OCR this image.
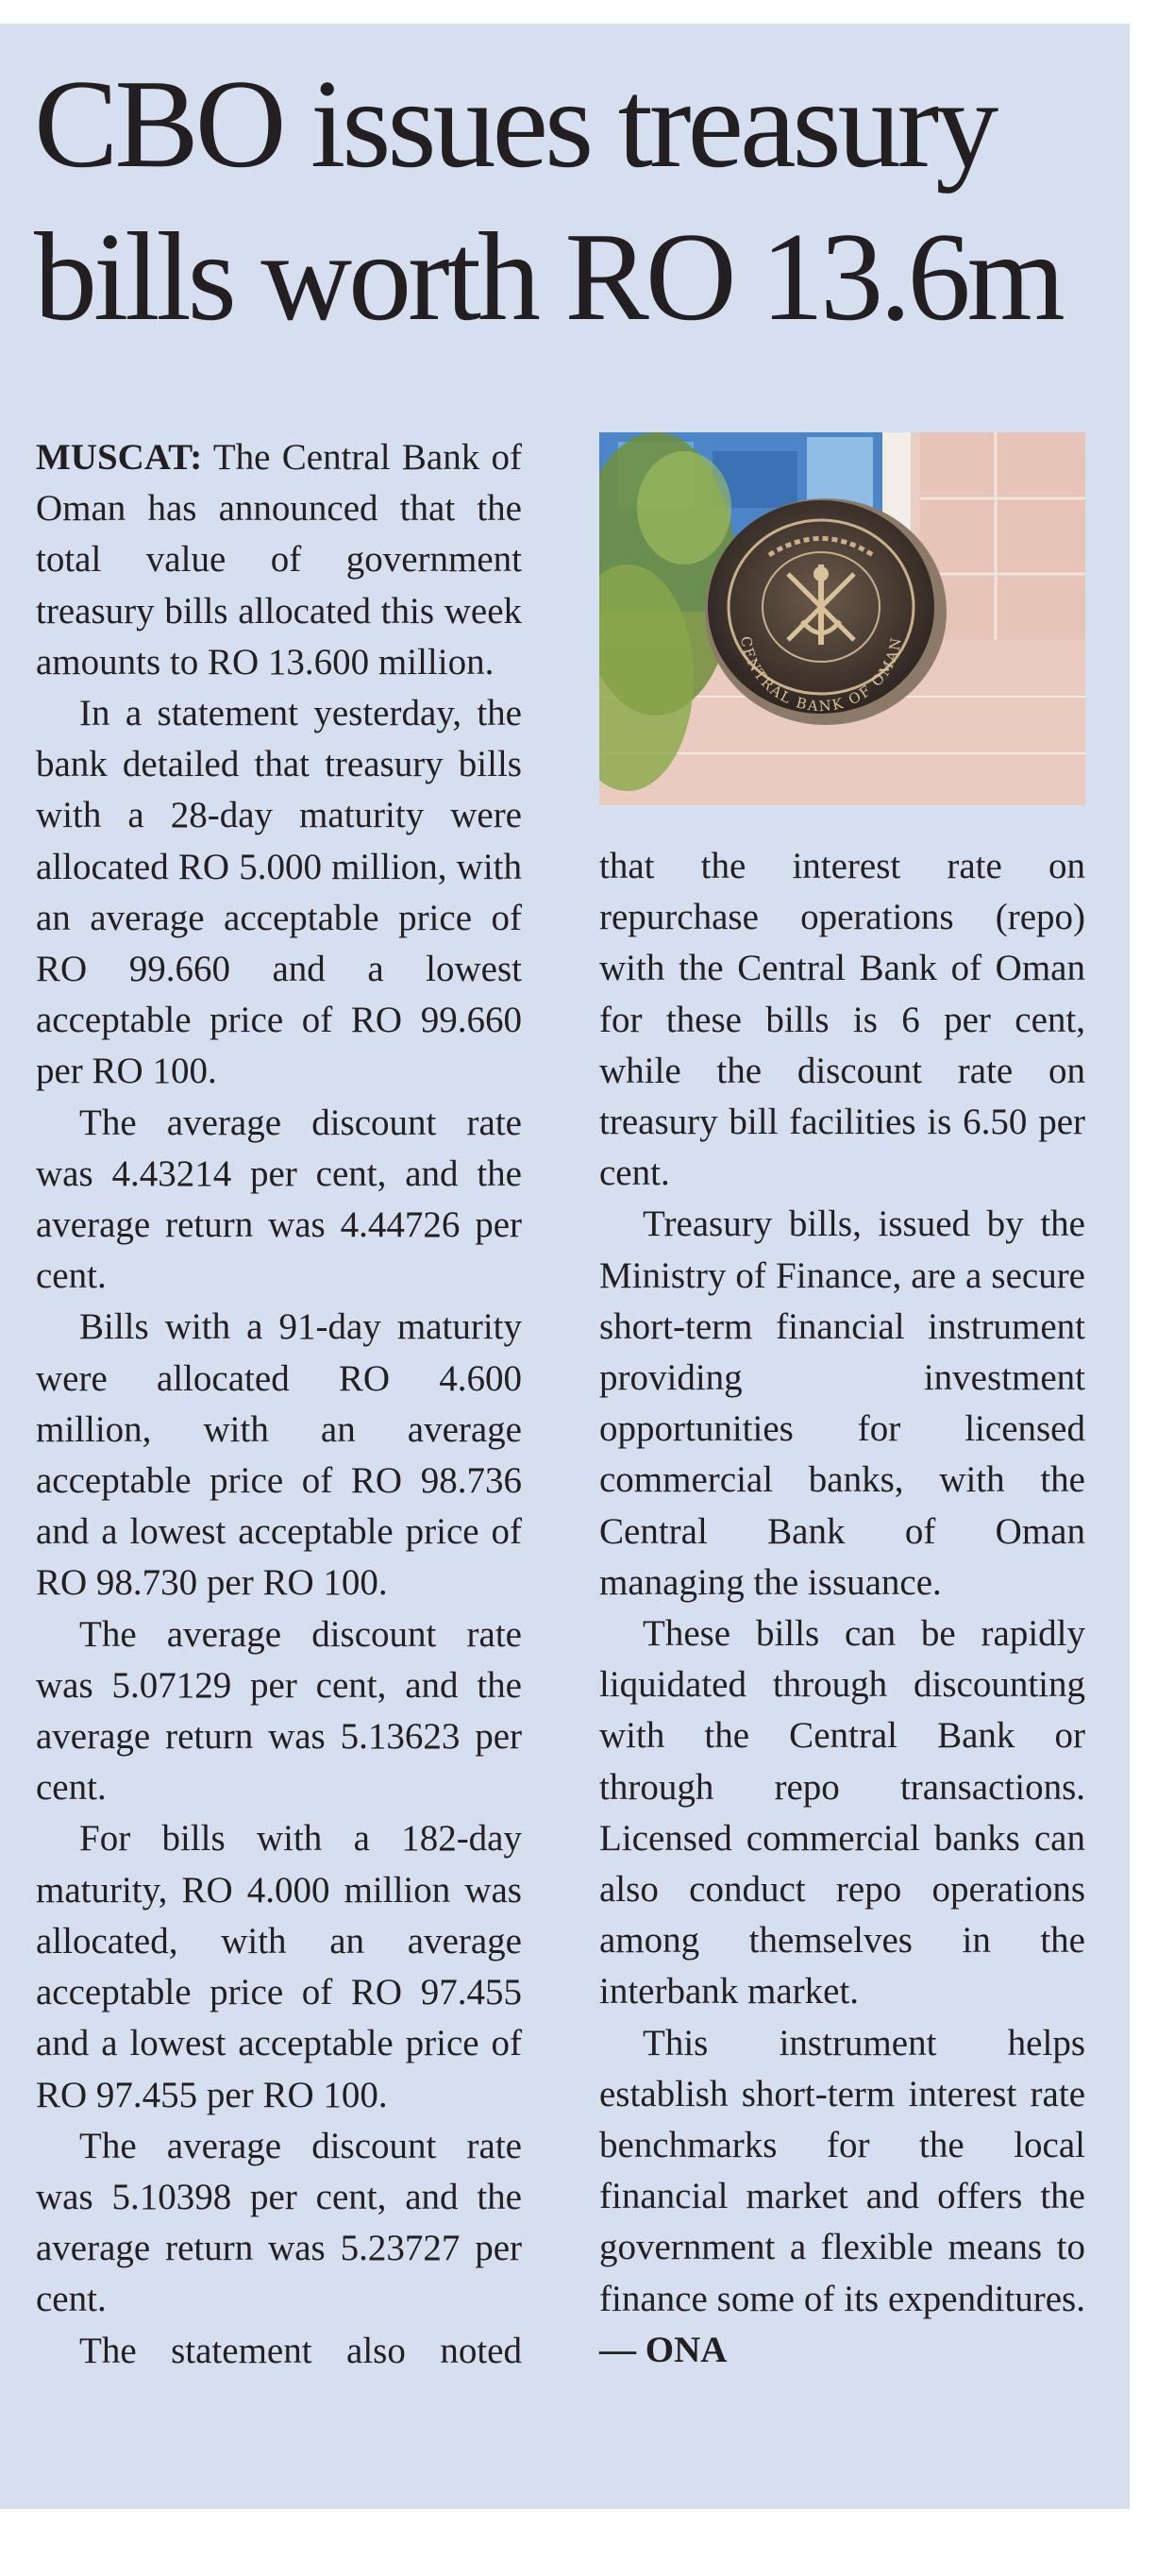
CBO issues treasury
bills worth RO 13.6m

MUSCAT: The Central Bank of Oman has announced that the total value of government treasury bills allocated this week amounts to RO 13.600 million.

In a statement yesterday, the bank detailed that treasury bills with a 28-day maturity were allocated RO 5.000 million, with an average acceptable price of RO 99.660 and a lowest acceptable price of RO 99.660 per RO 100.

The average discount rate was 4.43214 per cent, and the average return was 4.44726 per cent.

Bills with a 91-day maturity were allocated RO 4.600 million, with an average acceptable price of RO 98.736 and a lowest acceptable price of RO 98.730 per RO 100.

The average discount rate was 5.07129 per cent, and the average return was 5.13623 per cent.

For bills with a 182-day maturity, RO 4.000 million was allocated, with an average acceptable price of RO 97.455 and a lowest acceptable price of RO 97.455 per RO 100.

The average discount rate was 5.10398 per cent, and the average return was 5.23727 per cent.

The statement also noted

CENTRAL BANK OF OMAN

that the interest rate on repurchase operations (repo) with the Central Bank of Oman for these bills is 6 per cent, while the discount rate on treasury bill facilities is 6.50 per cent.

Treasury bills, issued by the Ministry of Finance, are a secure short-term financial instrument providing investment opportunities for licensed commercial banks, with the Central Bank of Oman managing the issuance.

These bills can be rapidly liquidated through discounting with the Central Bank or through repo transactions. Licensed commercial banks can also conduct repo operations among themselves in the interbank market.

This instrument helps establish short-term interest rate benchmarks for the local financial market and offers the government a flexible means to finance some of its expenditures. — ONA
